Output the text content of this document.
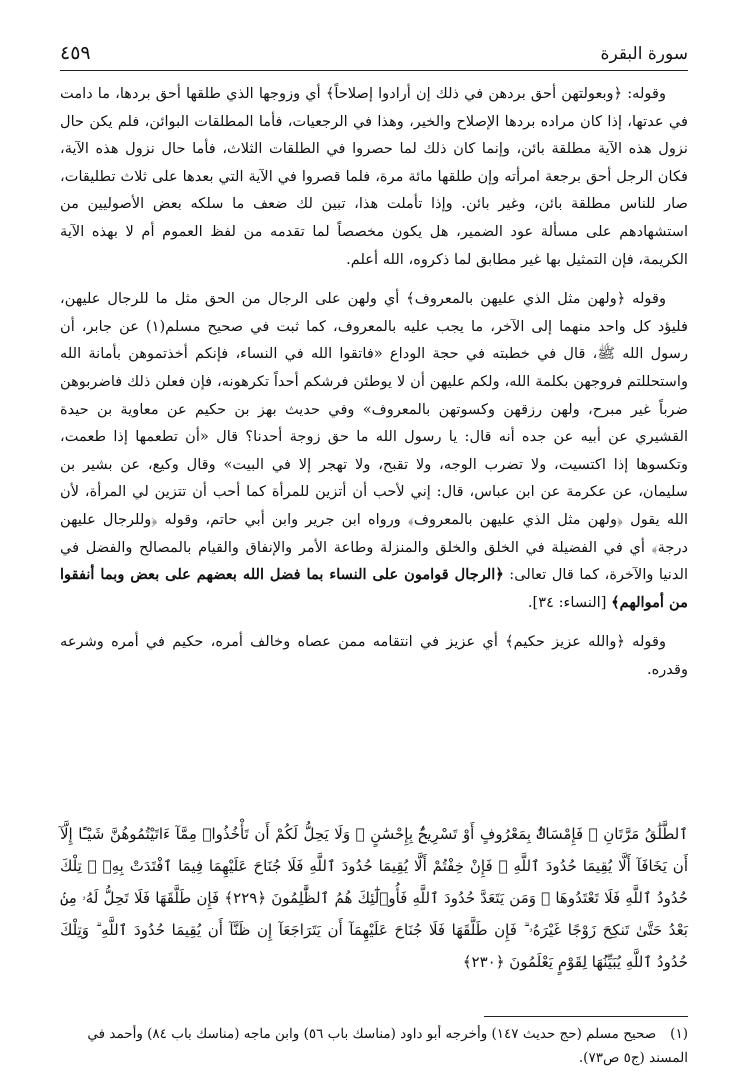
سورة البقرة
٤٥٩

وقوله: ﴿وبعولتهن أحق بردهن في ذلك إن أرادوا إصلاحاً﴾ أي وزوجها الذي طلقها أحق بردها، ما دامت في عدتها، إذا كان مراده بردها الإصلاح والخير، وهذا في الرجعيات، فأما المطلقات البوائن، فلم يكن حال نزول هذه الآية مطلقة بائن، وإنما كان ذلك لما حصروا في الطلقات الثلاث، فأما حال نزول هذه الآية، فكان الرجل أحق برجعة امرأته وإن طلقها مائة مرة، فلما قصروا في الآية التي بعدها على ثلاث تطليقات، صار للناس مطلقة بائن، وغير بائن. وإذا تأملت هذا، تبين لك ضعف ما سلكه بعض الأصوليين من استشهادهم على مسألة عود الضمير، هل يكون مخصصاً لما تقدمه من لفظ العموم أم لا بهذه الآية الكريمة، فإن التمثيل بها غير مطابق لما ذكروه، الله أعلم.

وقوله ﴿ولهن مثل الذي عليهن بالمعروف﴾ أي ولهن على الرجال من الحق مثل ما للرجال عليهن، فليؤد كل واحد منهما إلى الآخر، ما يجب عليه بالمعروف، كما ثبت في صحيح مسلم(١) عن جابر، أن رسول الله ﷺ، قال في خطبته في حجة الوداع «فاتقوا الله في النساء، فإنكم أخذتموهن بأمانة الله واستحللتم فروجهن بكلمة الله، ولكم عليهن أن لا يوطئن فرشكم أحداً تكرهونه، فإن فعلن ذلك فاضربوهن ضرباً غير مبرح، ولهن رزقهن وكسوتهن بالمعروف» وفي حديث بهز بن حكيم عن معاوية بن حيدة القشيري عن أبيه عن جده أنه قال: يا رسول الله ما حق زوجة أحدنا؟ قال «أن تطعمها إذا طعمت، وتكسوها إذا اكتسيت، ولا تضرب الوجه، ولا تقبح، ولا تهجر إلا في البيت» وقال وكيع، عن بشير بن سليمان، عن عكرمة عن ابن عباس، قال: إني لأحب أن أتزين للمرأة كما أحب أن تتزين لي المرأة، لأن الله يقول ﴿ولهن مثل الذي عليهن بالمعروف﴾ ورواه ابن جرير وابن أبي حاتم، وقوله ﴿وللرجال عليهن درجة﴾ أي في الفضيلة في الخلق والخلق والمنزلة وطاعة الأمر والإنفاق والقيام بالمصالح والفضل في الدنيا والآخرة، كما قال تعالى: ﴿الرجال قوامون على النساء بما فضل الله بعضهم على بعض وبما أنفقوا من أموالهم﴾ [النساء: ٣٤].

وقوله ﴿والله عزيز حكيم﴾ أي عزيز في انتقامه ممن عصاه وخالف أمره، حكيم في أمره وشرعه وقدره.

ٱلطَّلَٰقُ مَرَّتَانِ ۖ فَإِمْسَاكٌۢ بِمَعْرُوفٍ أَوْ تَسْرِيحٌۢ بِإِحْسَٰنٍ ۗ وَلَا يَحِلُّ لَكُمْ أَن تَأْخُذُوا۟ مِمَّآ ءَاتَيْتُمُوهُنَّ شَيْـًٔا إِلَّآ أَن يَخَافَآ أَلَّا يُقِيمَا حُدُودَ ٱللَّهِ ۖ فَإِنْ خِفْتُمْ أَلَّا يُقِيمَا حُدُودَ ٱللَّهِ فَلَا جُنَاحَ عَلَيْهِمَا فِيمَا ٱفْتَدَتْ بِهِۦ ۗ تِلْكَ حُدُودُ ٱللَّهِ فَلَا تَعْتَدُوهَا ۚ وَمَن يَتَعَدَّ حُدُودَ ٱللَّهِ فَأُو۟لَٰٓئِكَ هُمُ ٱلظَّٰلِمُونَ ﴿٢٢٩﴾ فَإِن طَلَّقَهَا فَلَا تَحِلُّ لَهُۥ مِنۢ بَعْدُ حَتَّىٰ تَنكِحَ زَوْجًا غَيْرَهُۥ ۗ فَإِن طَلَّقَهَا فَلَا جُنَاحَ عَلَيْهِمَآ أَن يَتَرَاجَعَآ إِن ظَنَّآ أَن يُقِيمَا حُدُودَ ٱللَّهِ ۗ وَتِلْكَ حُدُودُ ٱللَّهِ يُبَيِّنُهَا لِقَوْمٍ يَعْلَمُونَ ﴿٢٣٠﴾
(١)صحيح مسلم (حج حديث ١٤٧) وأخرجه أبو داود (مناسك باب ٥٦) وابن ماجه (مناسك باب ٨٤) وأحمد في المسند (ج٥ ص٧٣).
